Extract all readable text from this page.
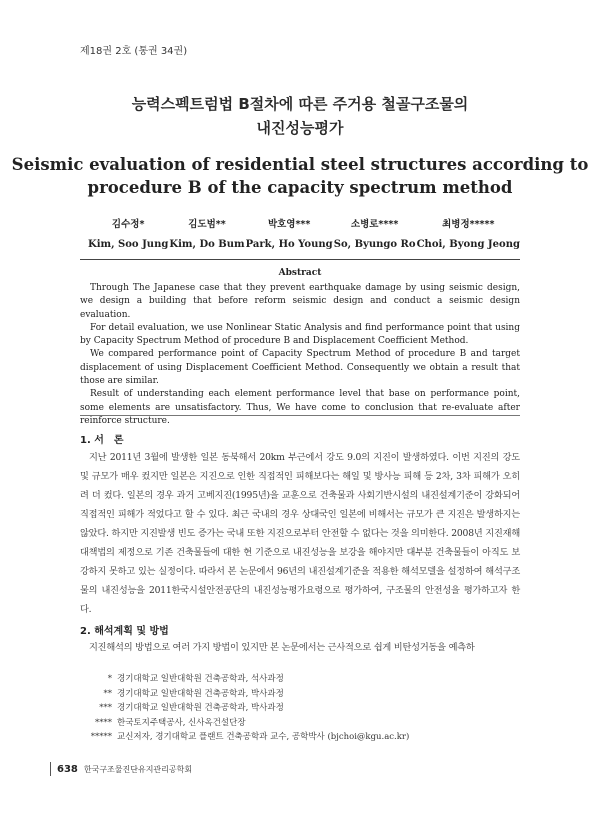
제18권 2호 (통권 34권)
능력스펙트럼법 B절차에 따른 주거용 철골구조물의
내진성능평가
Seismic evaluation of residential steel structures according to
procedure B of the capacity spectrum method
김수정*
Kim, Soo Jung
김도범**
Kim, Do Bum
박호영***
Park, Ho Young
소병로****
So, Byungo Ro
최병정*****
Choi, Byong Jeong
Abstract

Through The Japanese case that they prevent earthquake damage by using seismic design, we design a building that before reform seismic design and conduct a seismic design evaluation.

For detail evaluation, we use Nonlinear Static Analysis and find performance point that using by Capacity Spectrum Method of procedure B and Displacement Coefficient Method.

We compared performance point of Capacity Spectrum Method of procedure B and target displacement of using Displacement Coefficient Method. Consequently we obtain a result that those are similar.

Result of understanding each element performance level that base on performance point, some elements are unsatisfactory. Thus, We have come to conclusion that re-evaluate after reinforce structure.

1. 서　론

지난 2011년 3월에 발생한 일본 동북해서 20km 부근에서 강도 9.0의 지진이 발생하였다. 이번 지진의 강도 및 규모가 매우 컸지만 일본은 지진으로 인한 직접적인 피해보다는 해일 및 방사능 피해 등 2차, 3차 피해가 오히려 더 컸다. 일본의 경우 과거 고베지진(1995년)을 교훈으로 건축물과 사회기반시설의 내진설계기준이 강화되어 직접적인 피해가 적었다고 할 수 있다. 최근 국내의 경우 상대국인 일본에 비해서는 규모가 큰 지진은 발생하지는 않았다. 하지만 지진발생 빈도 증가는 국내 또한 지진으로부터 안전할 수 없다는 것을 의미한다. 2008년 지진재해대책법의 제정으로 기존 건축물들에 대한 현 기준으로 내진성능을 보강을 해야지만 대부분 건축물들이 아직도 보강하지 못하고 있는 실정이다. 따라서 본 논문에서 96년의 내진설계기준을 적용한 해석모델을 설정하여 해석구조물의 내진성능을 2011한국시설안전공단의 내진성능평가요령으로 평가하여, 구조물의 안전성을 평가하고자 한다.

2. 해석계획 및 방법

지진해석의 방법으로 여러 가지 방법이 있지만 본 논문에서는 근사적으로 쉽게 비탄성거동을 예측하

* 경기대학교 일반대학원 건축공학과, 석사과정
** 경기대학교 일반대학원 건축공학과, 박사과정
*** 경기대학교 일반대학원 건축공학과, 박사과정
**** 한국토지주택공사, 신사옥건설단장
***** 교신저자, 경기대학교 플랜트 건축공학과 교수, 공학박사 (bjchoi@kgu.ac.kr)
638 한국구조물진단유지관리공학회
